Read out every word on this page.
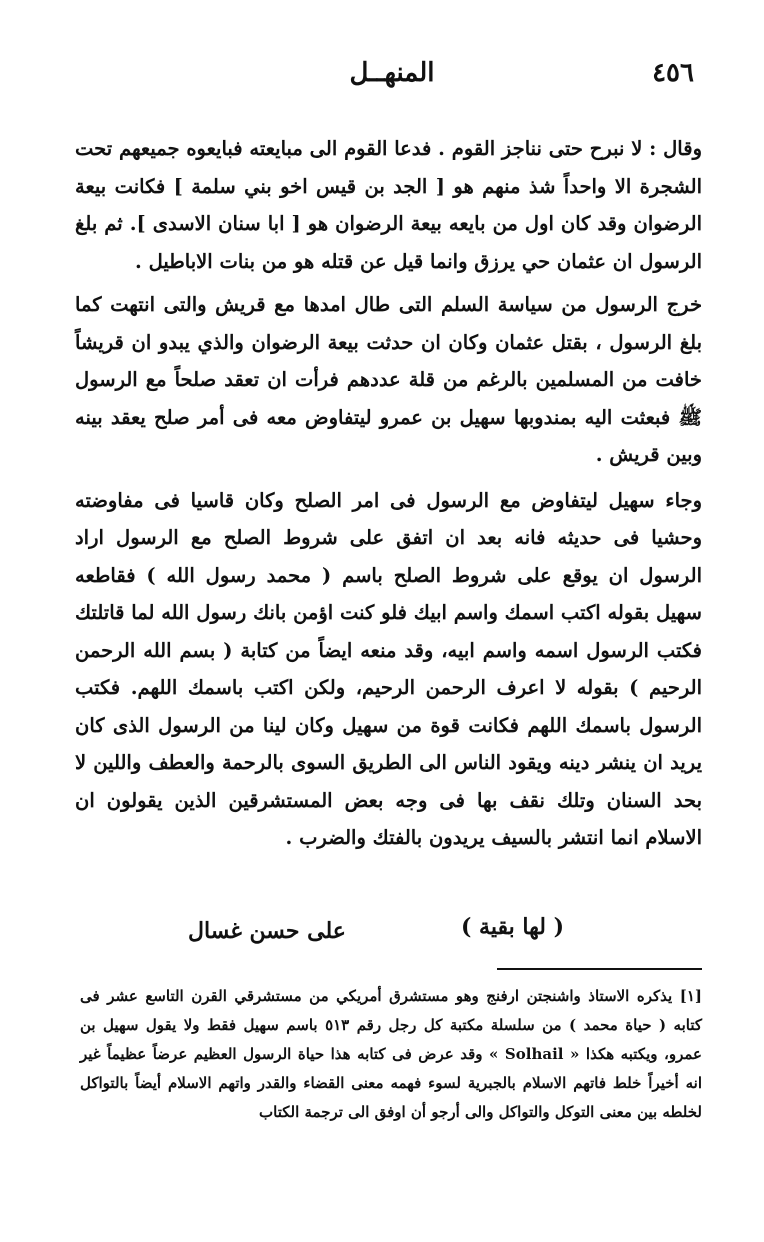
٤٥٦
المنهــل

وقال : لا نبرح حتى نناجز القوم . فدعا القوم الى مبايعته فبايعوه جميعهم تحت الشجرة الا واحداً شذ منهم هو [ الجد بن قيس اخو بني سلمة ] فكانت بيعة الرضوان وقد كان اول من بايعه بيعة الرضوان هو [ ابا سنان الاسدى ]. ثم بلغ الرسول ان عثمان حي يرزق وانما قيل عن قتله هو من بنات الاباطيل .

خرج الرسول من سياسة السلم التى طال امدها مع قريش والتى انتهت كما بلغ الرسول ، بقتل عثمان وكان ان حدثت بيعة الرضوان والذي يبدو ان قريشاً خافت من المسلمين بالرغم من قلة عددهم فرأت ان تعقد صلحاً مع الرسول ﷺ فبعثت اليه بمندوبها سهيل بن عمرو ليتفاوض معه فى أمر صلح يعقد بينه وبين قريش .

وجاء سهيل ليتفاوض مع الرسول فى امر الصلح وكان قاسيا فى مفاوضته وحشيا فى حديثه فانه بعد ان اتفق على شروط الصلح مع الرسول اراد الرسول ان يوقع على شروط الصلح باسم ( محمد رسول الله ) فقاطعه سهيل بقوله اكتب اسمك واسم ابيك فلو كنت اؤمن بانك رسول الله لما قاتلتك فكتب الرسول اسمه واسم ابيه، وقد منعه ايضاً من كتابة ( بسم الله الرحمن الرحيم ) بقوله لا اعرف الرحمن الرحيم، ولكن اكتب باسمك اللهم. فكتب الرسول باسمك اللهم فكانت قوة من سهيل وكان لينا من الرسول الذى كان يريد ان ينشر دينه ويقود الناس الى الطريق السوى بالرحمة والعطف واللين لا بحد السنان وتلك نقف بها فى وجه بعض المستشرقين الذين يقولون ان الاسلام انما انتشر بالسيف يريدون بالفتك والضرب .

( لها بقية )
على حسن غسال
[١] يذكره الاستاذ واشنجتن ارفنج وهو مستشرق أمريكي من مستشرقي القرن التاسع عشر فى كتابه ( حياة محمد ) من سلسلة مكتبة كل رجل رقم ٥١٣ باسم سهيل فقط ولا يقول سهيل بن عمرو، ويكتبه هكذا « Solhail » وقد عرض فى كتابه هذا حياة الرسول العظيم عرضاً عظيماً غير انه أخيراً خلط فاتهم الاسلام بالجبرية لسوء فهمه معنى القضاء والقدر واتهم الاسلام أيضاً بالتواكل لخلطه بين معنى التوكل والتواكل والى أرجو أن اوفق الى ترجمة الكتاب
